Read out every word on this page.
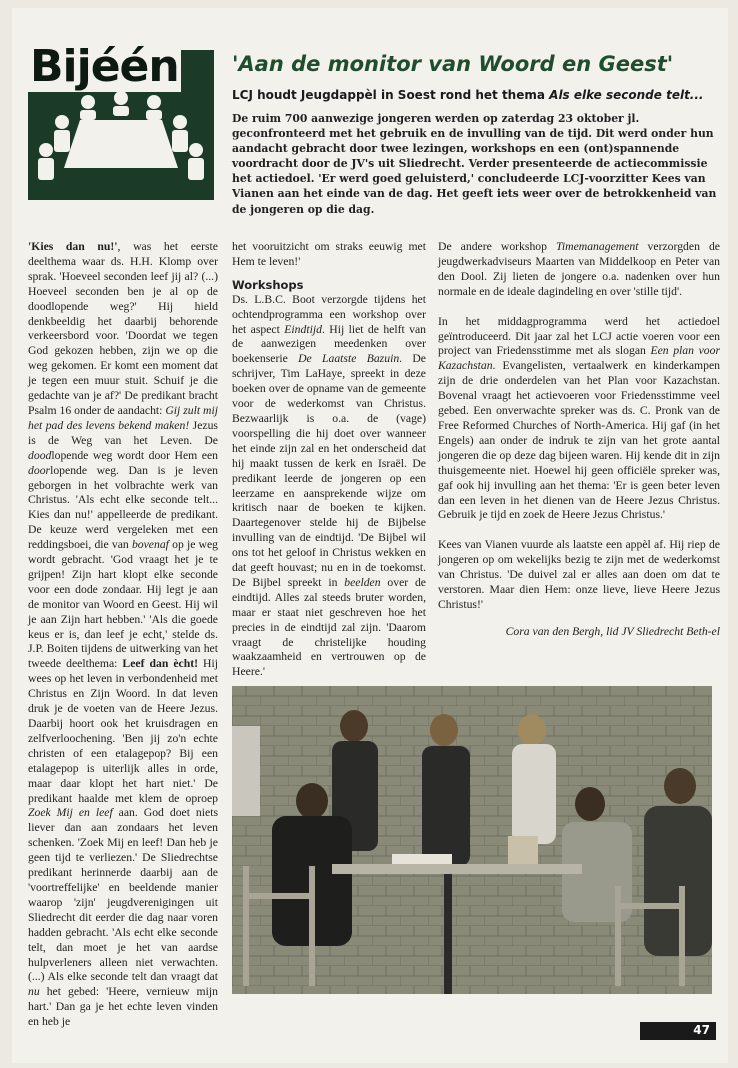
Bijéén	'Aan de monitor van Woord en Geest'
LCJ houdt Jeugdappèl in Soest rond het thema Als elke seconde telt...
De ruim 700 aanwezige jongeren werden op zaterdag 23 oktober jl. geconfronteerd met het gebruik en de invulling van de tijd. Dit werd onder hun aandacht gebracht door twee lezingen, workshops en een (ont)spannende voordracht door de JV's uit Sliedrecht. Verder presenteerde de actiecommissie het actiedoel. 'Er werd goed geluisterd,' concludeerde LCJ-voorzitter Kees van Vianen aan het einde van de dag. Het geeft iets weer over de betrokkenheid van de jongeren op die dag.

'Kies dan nu!', was het eerste deelthema waar ds. H.H. Klomp over sprak. 'Hoeveel seconden leef jij al? (...) Hoeveel seconden ben je al op de doodlopende weg?' Hij hield denkbeeldig het daarbij behorende verkeersbord voor. 'Doordat we tegen God gekozen hebben, zijn we op die weg gekomen. Er komt een moment dat je tegen een muur stuit. Schuif je die gedachte van je af?' De predikant bracht Psalm 16 onder de aandacht: Gij zult mij het pad des levens bekend maken! Jezus is de Weg van het Leven. De doodlopende weg wordt door Hem een doorlopende weg. Dan is je leven geborgen in het volbrachte werk van Christus. 'Als echt elke seconde telt... Kies dan nu!' appelleerde de predikant. De keuze werd vergeleken met een reddingsboei, die van bovenaf op je weg wordt gebracht. 'God vraagt het je te grijpen! Zijn hart klopt elke seconde voor een dode zondaar. Hij legt je aan de monitor van Woord en Geest. Hij wil je aan Zijn hart hebben.' 'Als die goede keus er is, dan leef je echt,' stelde ds. J.P. Boiten tijdens de uitwerking van het tweede deelthema: Leef dan ècht! Hij wees op het leven in verbondenheid met Christus en Zijn Woord. In dat leven druk je de voeten van de Heere Jezus. Daarbij hoort ook het kruisdragen en zelfverloochening. 'Ben jij zo'n echte christen of een etalagepop? Bij een etalagepop is uiterlijk alles in orde, maar daar klopt het hart niet.' De predikant haalde met klem de oproep Zoek Mij en leef aan. God doet niets liever dan aan zondaars het leven schenken. 'Zoek Mij en leef! Dan heb je geen tijd te verliezen.' De Sliedrechtse predikant herinnerde daarbij aan de 'voortreffelijke' en beeldende manier waarop 'zijn' jeugdverenigingen uit Sliedrecht dit eerder die dag naar voren hadden gebracht. 'Als echt elke seconde telt, dan moet je het van aardse hulpverleners alleen niet verwachten. (...) Als elke seconde telt dan vraagt dat nu het gebed: 'Heere, vernieuw mijn hart.' Dan ga je het echte leven vinden en heb je

het vooruitzicht om straks eeuwig met Hem te leven!'

Workshops

Ds. L.B.C. Boot verzorgde tijdens het ochtendprogramma een workshop over het aspect Eindtijd. Hij liet de helft van de aanwezigen meedenken over boekenserie De Laatste Bazuin. De schrijver, Tim LaHaye, spreekt in deze boeken over de opname van de gemeente voor de wederkomst van Christus. Bezwaarlijk is o.a. de (vage) voorspelling die hij doet over wanneer het einde zijn zal en het onderscheid dat hij maakt tussen de kerk en Israël. De predikant leerde de jongeren op een leerzame en aansprekende wijze om kritisch naar de boeken te kijken. Daartegenover stelde hij de Bijbelse invulling van de eindtijd. 'De Bijbel wil ons tot het geloof in Christus wekken en dat geeft houvast; nu en in de toekomst. De Bijbel spreekt in beelden over de eindtijd. Alles zal steeds bruter worden, maar er staat niet geschreven hoe het precies in de eindtijd zal zijn. 'Daarom vraagt de christelijke houding waakzaamheid en vertrouwen op de Heere.'

De andere workshop Timemanagement verzorgden de jeugdwerkadviseurs Maarten van Middelkoop en Peter van den Dool. Zij lieten de jongere o.a. nadenken over hun normale en de ideale dagindeling en over 'stille tijd'.

In het middagprogramma werd het actiedoel geïntroduceerd. Dit jaar zal het LCJ actie voeren voor een project van Friedensstimme met als slogan Een plan voor Kazachstan. Evangelisten, vertaalwerk en kinderkampen zijn de drie onderdelen van het Plan voor Kazachstan. Bovenal vraagt het actievoeren voor Friedensstimme veel gebed. Een onverwachte spreker was ds. C. Pronk van de Free Reformed Churches of North-America. Hij gaf (in het Engels) aan onder de indruk te zijn van het grote aantal jongeren die op deze dag bijeen waren. Hij kende dit in zijn thuisgemeente niet. Hoewel hij geen officiële spreker was, gaf ook hij invulling aan het thema: 'Er is geen beter leven dan een leven in het dienen van de Heere Jezus Christus. Gebruik je tijd en zoek de Heere Jezus Christus.'

Kees van Vianen vuurde als laatste een appèl af. Hij riep de jongeren op om wekelijks bezig te zijn met de wederkomst van Christus. 'De duivel zal er alles aan doen om dat te verstoren. Maar dien Hem: onze lieve, lieve Heere Jezus Christus!'

Cora van den Bergh, lid JV Sliedrecht Beth-el

47
